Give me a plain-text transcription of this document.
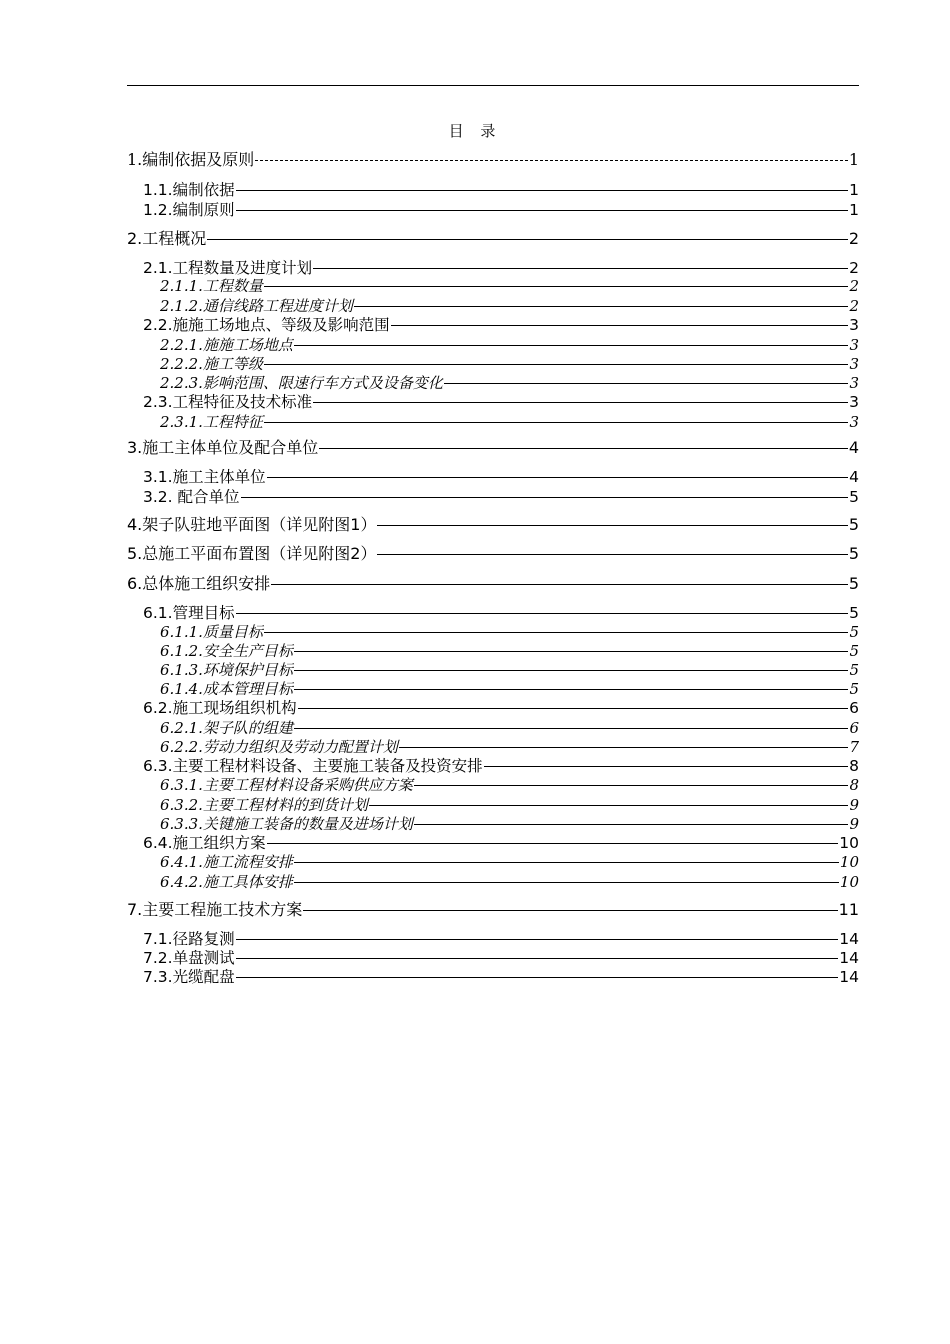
目 录
1.编制依据及原则	1
1.1.编制依据	1
1.2.编制原则	1
2.工程概况	2
2.1.工程数量及进度计划	2
2.1.1.工程数量	2
2.1.2.通信线路工程进度计划	2
2.2.施施工场地点、等级及影响范围	3
2.2.1.施施工场地点	3
2.2.2.施工等级	3
2.2.3.影响范围、限速行车方式及设备变化	3
2.3.工程特征及技术标准	3
2.3.1.工程特征	3
3.施工主体单位及配合单位	4
3.1.施工主体单位	4
3.2. 配合单位	5
4.架子队驻地平面图（详见附图1）	5
5.总施工平面布置图（详见附图2）	5
6.总体施工组织安排	5
6.1.管理目标	5
6.1.1.质量目标	5
6.1.2.安全生产目标	5
6.1.3.环境保护目标	5
6.1.4.成本管理目标	5
6.2.施工现场组织机构	6
6.2.1.架子队的组建	6
6.2.2.劳动力组织及劳动力配置计划	7
6.3.主要工程材料设备、主要施工装备及投资安排	8
6.3.1.主要工程材料设备采购供应方案	8
6.3.2.主要工程材料的到货计划	9
6.3.3.关键施工装备的数量及进场计划	9
6.4.施工组织方案	10
6.4.1.施工流程安排	10
6.4.2.施工具体安排	10
7.主要工程施工技术方案	11
7.1.径路复测	14
7.2.单盘测试	14
7.3.光缆配盘	14
